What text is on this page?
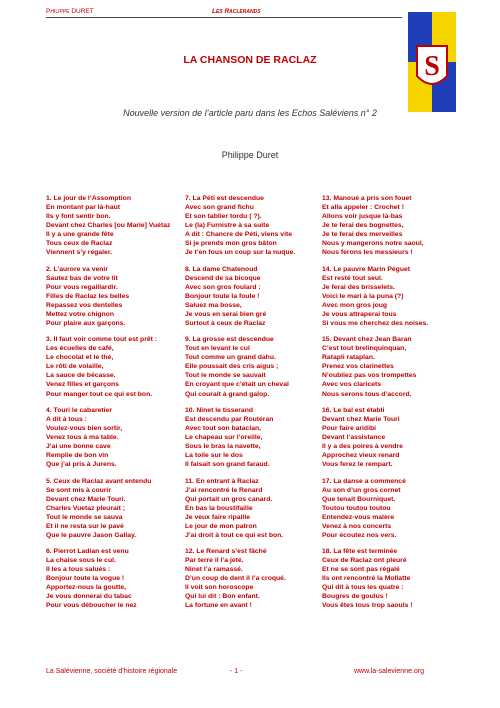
Philippe DURET	Les Raclerands
S
LA CHANSON DE RACLAZ
Nouvelle version de l’article paru dans les Echos Saléviens n° 2
Philippe Duret
1. Le jour de l’Assomption
En montant par là-haut
Ils y font sentir bon.
Devant chez Charles [ou Marie] Vuétaz
Il y a une grande fête
Tous ceux de Raclaz
Viennent s’y régaler.
2. L’aurore va venir
Sautez bas de votre lit
Pour vous regaillardir.
Filles de Raclaz les belles
Repassez vos dentelles
Mettez votre chignon
Pour plaire aux garçons.
3. Il faut voir comme tout est prêt :
Les écuelles de café,
Le chocolat et le thé,
Le rôti de volaille,
La sauce de bécasse.
Venez filles et garçons
Pour manger tout ce qui est bon.
4. Touri le cabaretier
A dit à tous :
Voulez-vous bien sortir,
Venez tous à ma table.
J’ai une bonne cave
Remplie de bon vin
Que j’ai pris à Jurens.
5. Ceux de Raclaz avant entendu
Se sont mis à courir
Devant chez Marie Touri.
Charles Vuetaz pleurait ;
Tout le monde se sauva
Et il ne resta sur le pavé
Que le pauvre Jason Gallay.
6. Pierrot Ladian est venu
La chaise sous le cul.
Il les a tous salués :
Bonjour toute la vogue !
Apportez-nous la goutte,
Je vous donnerai du tabac
Pour vous déboucher le nez
7. La Péti est descendue
Avec son grand fichu
Et son tablier tordu ( ?).
Le (la) Furnistre à sa suite
A dit : Chancre de Péti, viens vite
Si je prends mon gros bâton
Je t’en fous un coup sur la nuque.
8. La dame Chatenoud
Descend de sa bicoque
Avec son gros foulard :
Bonjour toute la foule !
Saluez ma bosse,
Je vous en serai bien gré
Surtout à ceux de Raclaz
9. La grosse est descendue
Tout en levant le cul
Tout comme un grand dahu.
Elle poussait des cris aigus ;
Tout le monde se sauvait
En croyant que c’était un cheval
Qui courait à grand galop.
10. Ninet le tisserand
Est descendu par Routéran
Avec tout son bataclan,
Le chapeau sur l’oreille,
Sous le bras la navette,
La toile sur le dos
Il faisait son grand faraud.
11. En entrant à Raclaz
J’ai rencontré le Renard
Qui portait un gros canard.
En bas la boustifaille
Je veux faire ripaille
Le jour de mon patron
J’ai droit à tout ce qui est bon.
12. Le Renard s’est fâché
Par terre il l’a jeté.
Ninet l’a ramassé.
D’un coup de dent il l’a croqué.
Il voit son horoscope
Qui lui dit : Bon enfant.
La fortune en avant !
13. Manoué a pris son fouet
Et alla appeler : Crochet !
Allons voir jusque là-bas
Je te ferai des bognettes,
Je te ferai des merveilles
Nous y mangerons notre saoul,
Nous ferons les messieurs !
14. Le pauvre Marin Péguet
Est resté tout seul.
Je ferai des brisselets.
Voici le mari à la puna (?)
Avec mon gros joug
Je vous attraperai tous
Si vous me cherchez des noises.
15. Devant chez Jean Baran
C’est tout brelinquinquan,
Ratapli rataplan.
Prenez vos clarinettes
N’oubliez pas vos trompettes
Avec vos claricets
Nous serons tous d’accord.
16. Le bal est établi
Devant chez Marie Touri
Pour faire aridibi
Devant l’assistance
Il y a des poires à vendre
Approchez vieux renard
Vous ferez le rempart.
17. La danse a commencé
Au son d’un gros cornet
Que tenait Bourniquet.
Toutou toutou toutou
Entendez-vous malère
Venez à nos concerts
Pour écoutez nos vers.
18. La fête est terminée
Ceux de Raclaz ont pleuré
Et ne se sont pas régalé
Ils ont rencontré la Mollatte
Qui dit à tous les quatre :
Bougres de goulus !
Vous êtes tous trop saouls !
La Salévienne, société d’histoire régionale	- 1 -	www.la-salevienne.org
